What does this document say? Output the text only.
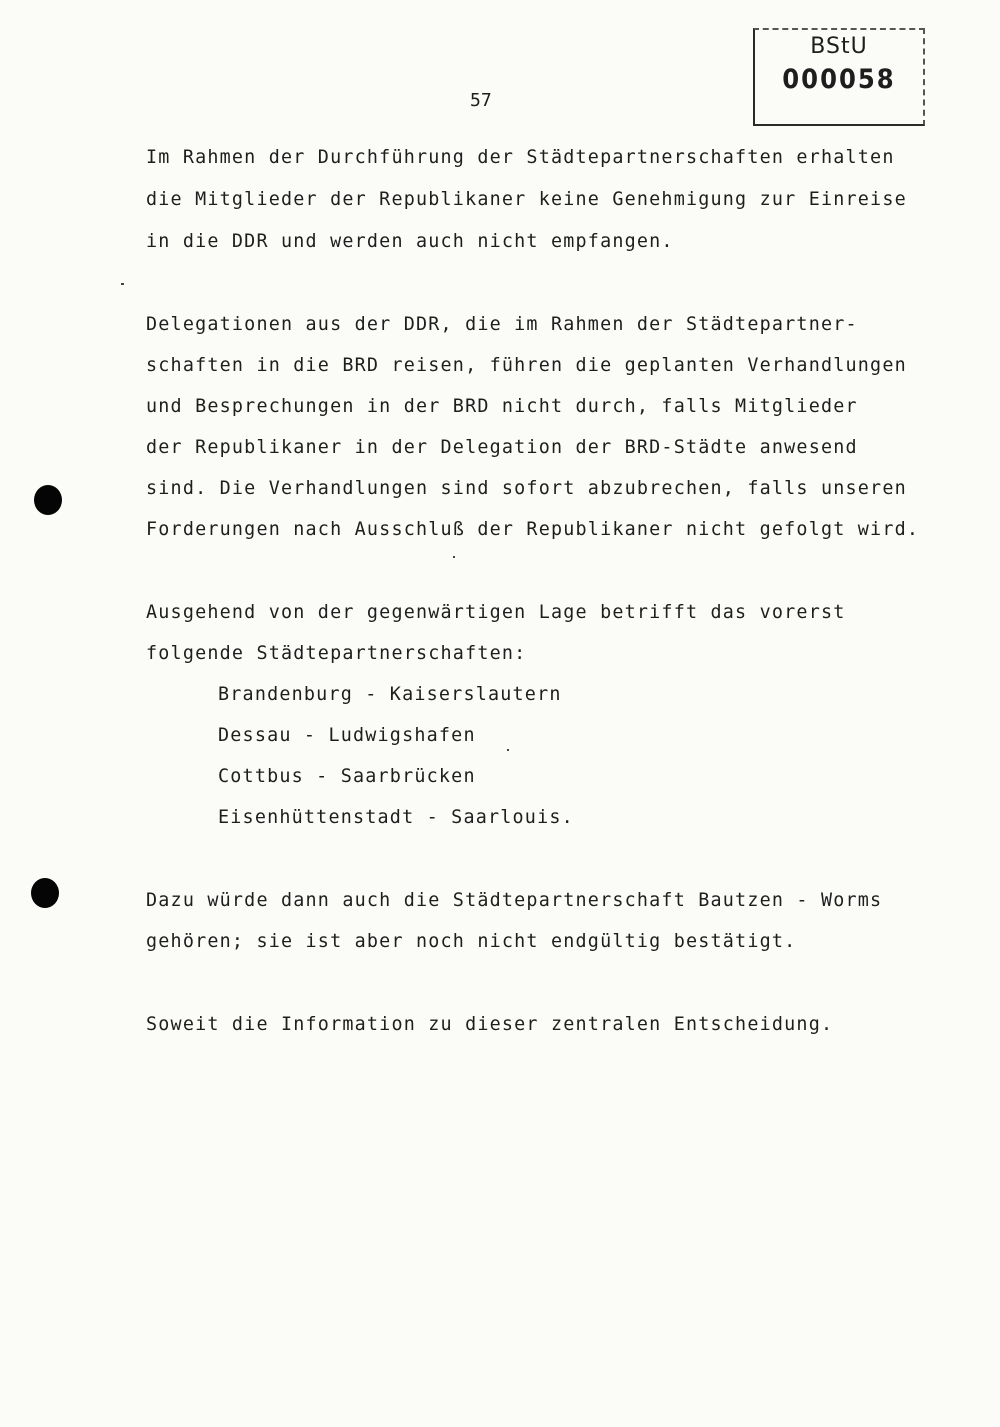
BStU
000058
57
Im Rahmen der Durchführung der Städtepartnerschaften erhalten
die Mitglieder der Republikaner keine Genehmigung zur Einreise
in die DDR und werden auch nicht empfangen.
Delegationen aus der DDR, die im Rahmen der Städtepartner-
schaften in die BRD reisen, führen die geplanten Verhandlungen
und Besprechungen in der BRD nicht durch, falls Mitglieder
der Republikaner in der Delegation der BRD-Städte anwesend
sind. Die Verhandlungen sind sofort abzubrechen, falls unseren
Forderungen nach Ausschluß der Republikaner nicht gefolgt wird.
Ausgehend von der gegenwärtigen Lage betrifft das vorerst
folgende Städtepartnerschaften:
Brandenburg - Kaiserslautern
Dessau - Ludwigshafen
Cottbus - Saarbrücken
Eisenhüttenstadt - Saarlouis.
Dazu würde dann auch die Städtepartnerschaft Bautzen - Worms
gehören; sie ist aber noch nicht endgültig bestätigt.
Soweit die Information zu dieser zentralen Entscheidung.
